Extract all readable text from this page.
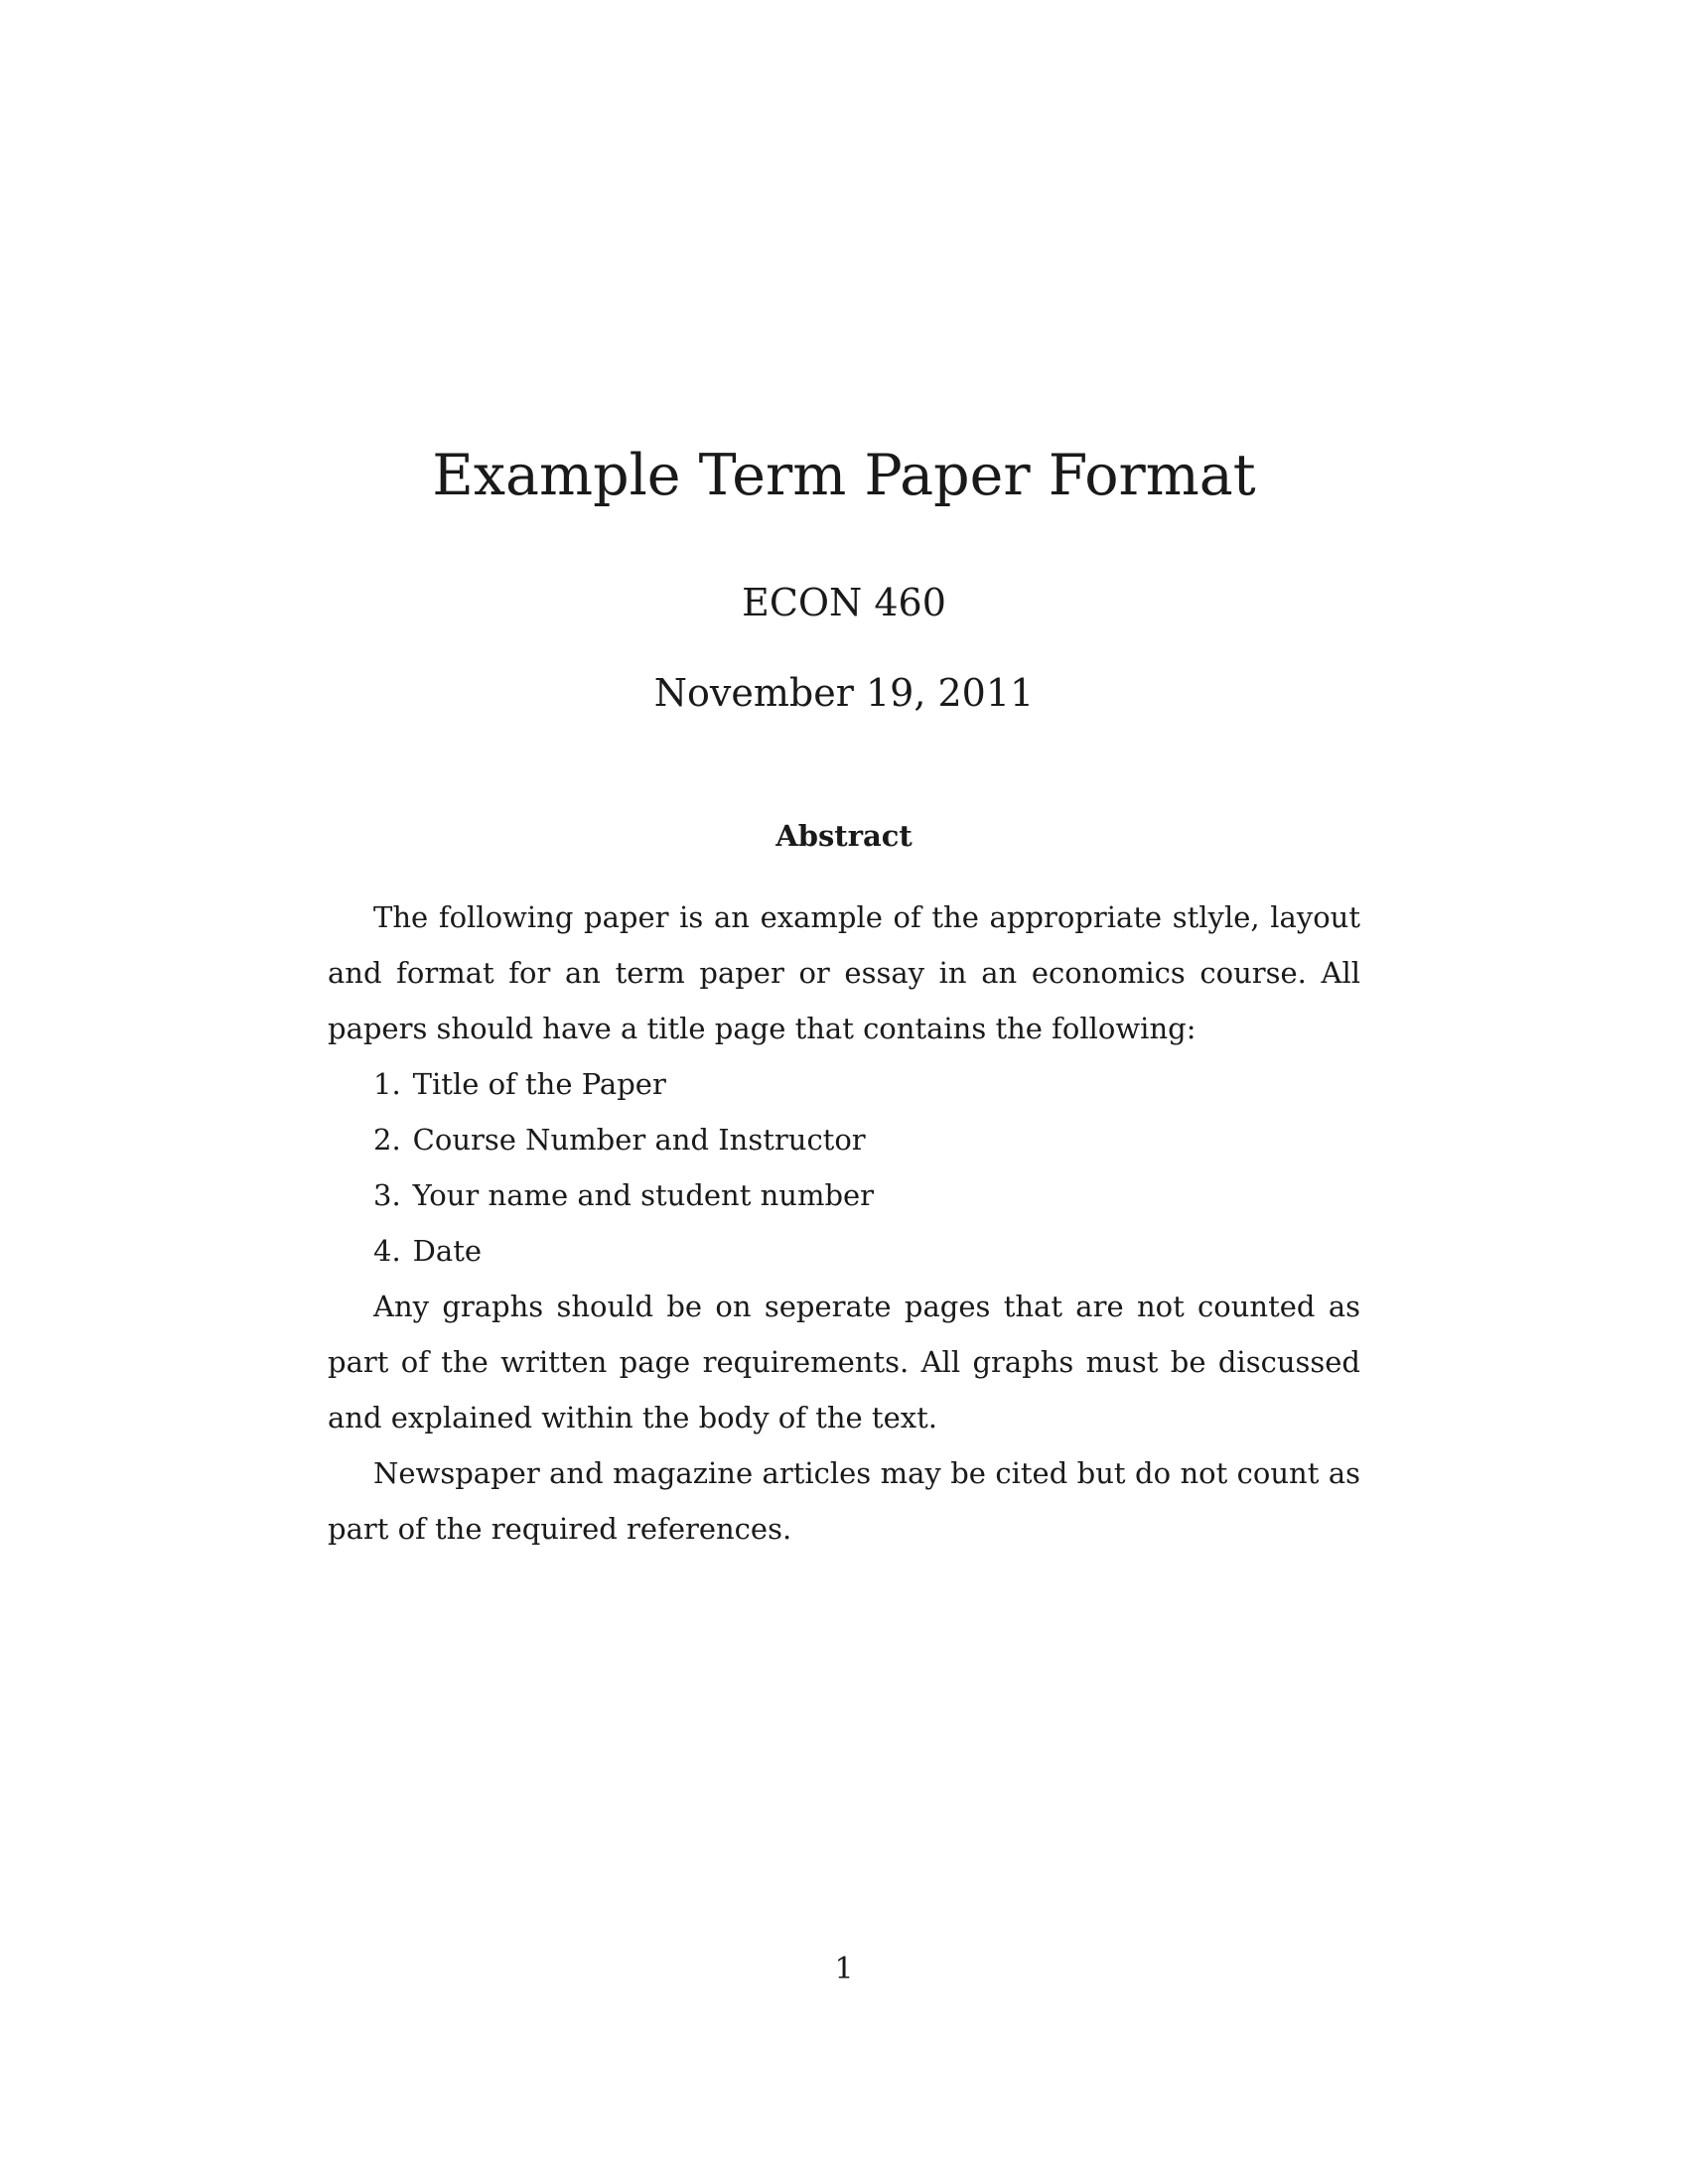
Example Term Paper Format
ECON 460
November 19, 2011
Abstract

The following paper is an example of the appropriate stlyle, layout and format for an term paper or essay in an economics course. All papers should have a title page that contains the following:

1. Title of the Paper
2. Course Number and Instructor
3. Your name and student number
4. Date

Any graphs should be on seperate pages that are not counted as part of the written page requirements. All graphs must be discussed and explained within the body of the text.

Newspaper and magazine articles may be cited but do not count as part of the required references.

1
